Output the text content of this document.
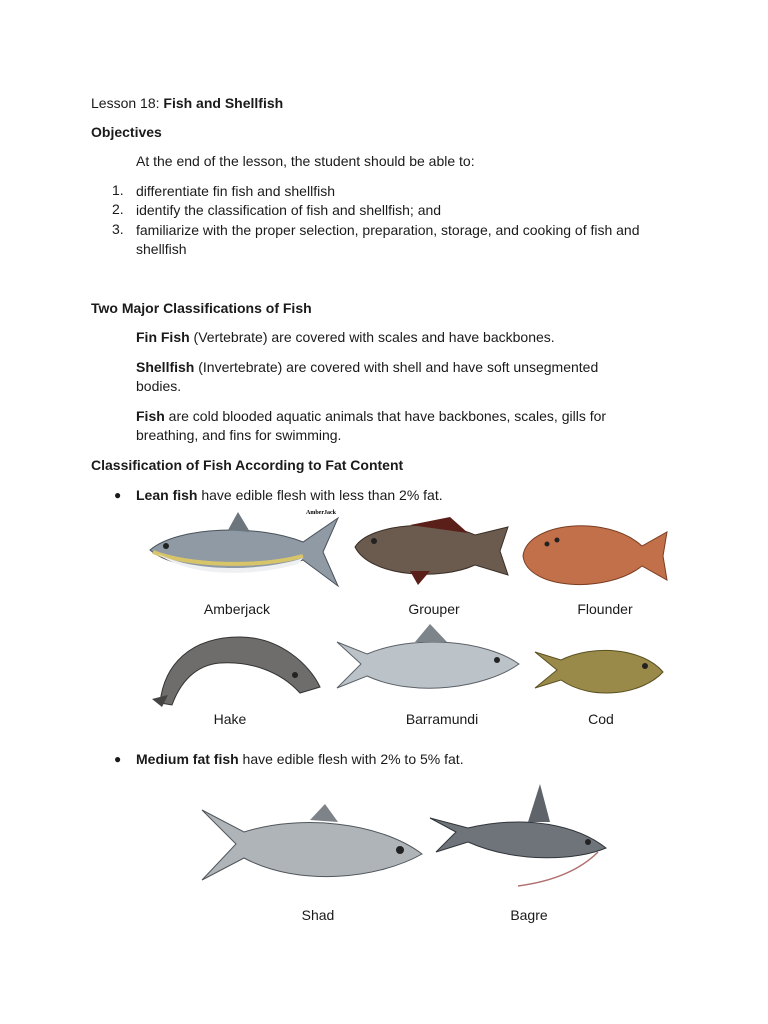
Lesson 18: Fish and Shellfish
Objectives
At the end of the lesson, the student should be able to:
1. differentiate fin fish and shellfish
2. identify the classification of fish and shellfish; and
3. familiarize with the proper selection, preparation, storage, and cooking of fish and shellfish
Two Major Classifications of Fish
Fin Fish (Vertebrate) are covered with scales and have backbones.
Shellfish (Invertebrate) are covered with shell and have soft unsegmented bodies.
Fish are cold blooded aquatic animals that have backbones, scales, gills for breathing, and fins for swimming.
Classification of Fish According to Fat Content
● Lean fish have edible flesh with less than 2% fat.
AmberJack
Amberjack	Grouper	Flounder
Hake	Barramundi	Cod
● Medium fat fish have edible flesh with 2% to 5% fat.
Shad	Bagre
